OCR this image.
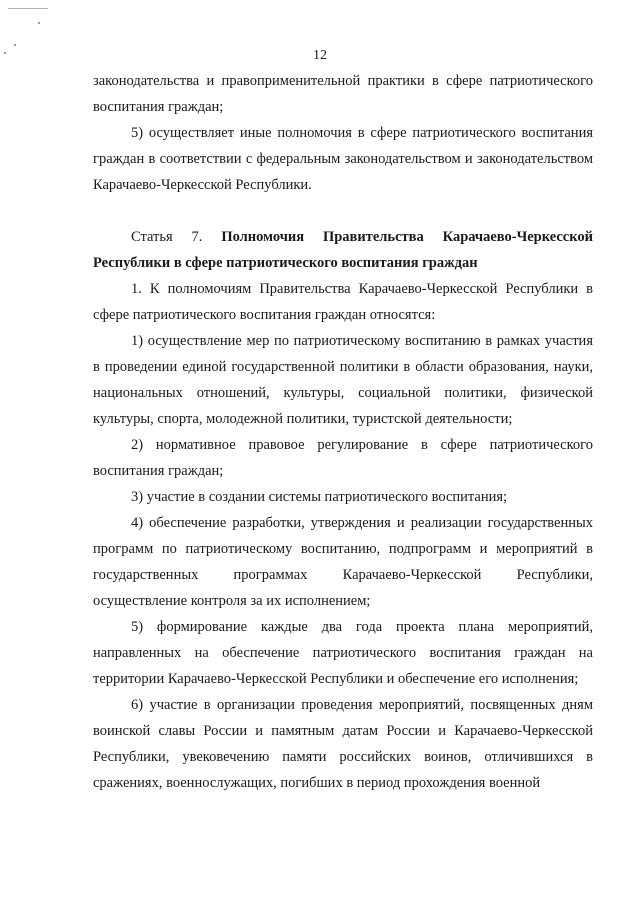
12

законодательства и правоприменительной практики в сфере патриотического воспитания граждан;

5) осуществляет иные полномочия в сфере патриотического воспитания граждан в соответствии с федеральным законодательством и законодательством Карачаево-Черкесской Республики.

Статья 7. Полномочия Правительства Карачаево-Черкесской Республики в сфере патриотического воспитания граждан

1. К полномочиям Правительства Карачаево-Черкесской Республики в сфере патриотического воспитания граждан относятся:

1) осуществление мер по патриотическому воспитанию в рамках участия в проведении единой государственной политики в области образования, науки, национальных отношений, культуры, социальной политики, физической культуры, спорта, молодежной политики, туристской деятельности;

2) нормативное правовое регулирование в сфере патриотического воспитания граждан;

3) участие в создании системы патриотического воспитания;

4) обеспечение разработки, утверждения и реализации государственных программ по патриотическому воспитанию, подпрограмм и мероприятий в государственных программах Карачаево-Черкесской Республики, осуществление контроля за их исполнением;

5) формирование каждые два года проекта плана мероприятий, направленных на обеспечение патриотического воспитания граждан на территории Карачаево-Черкесской Республики и обеспечение его исполнения;

6) участие в организации проведения мероприятий, посвященных дням воинской славы России и памятным датам России и Карачаево-Черкесской Республики, увековечению памяти российских воинов, отличившихся в сражениях, военнослужащих, погибших в период прохождения военной
